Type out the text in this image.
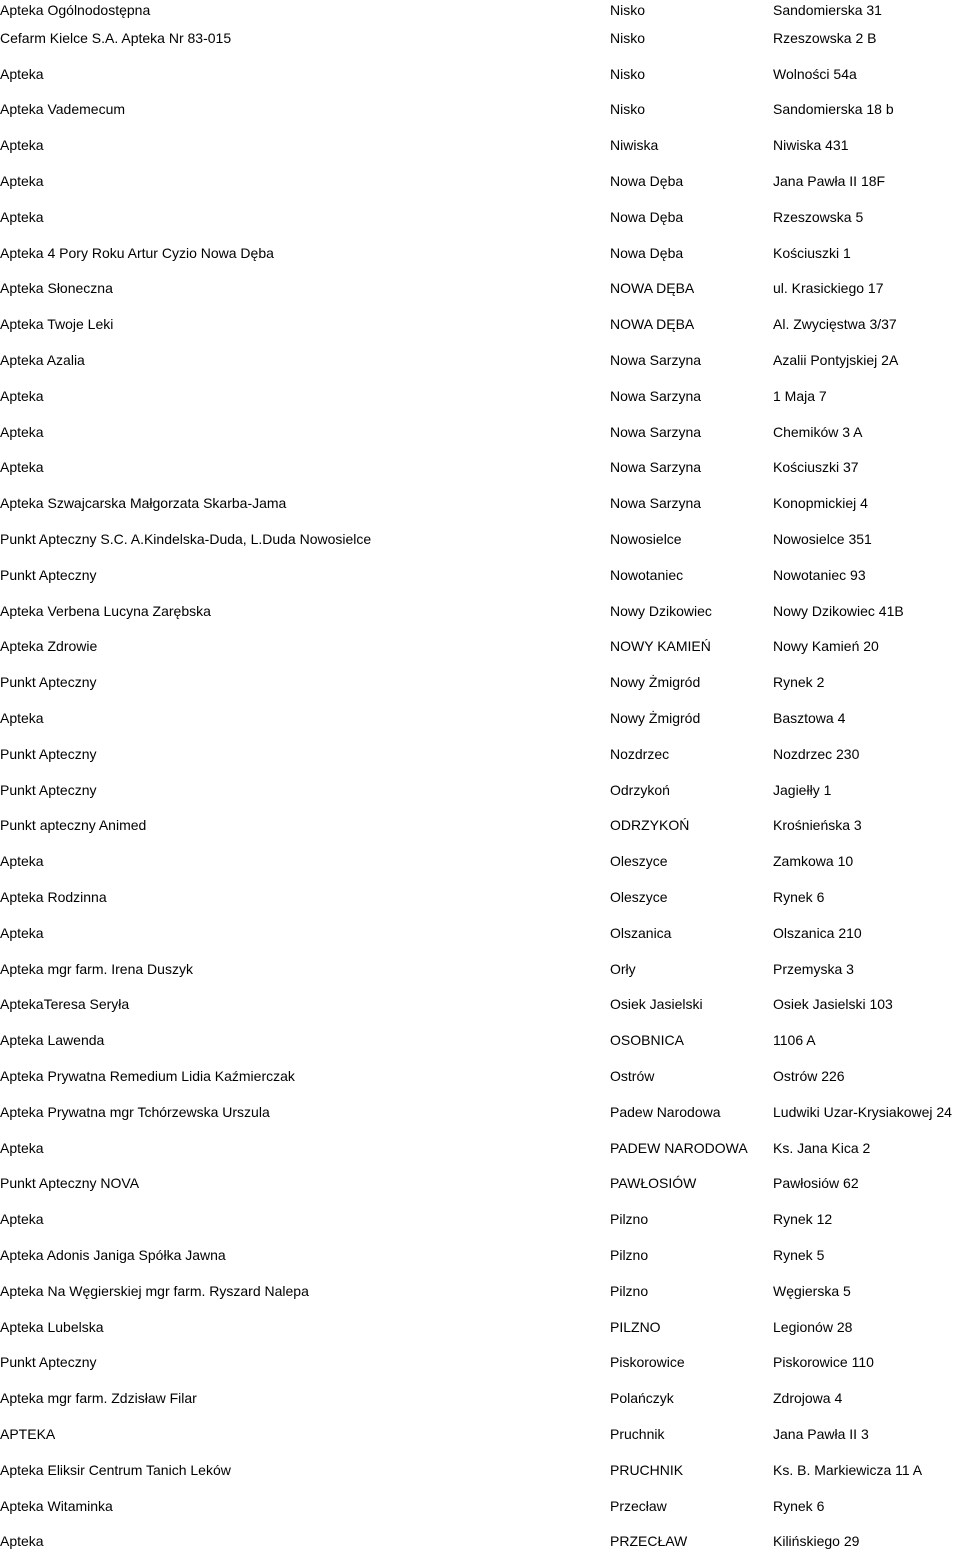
Apteka Ogólnodostępna	Nisko	Sandomierska 31
Cefarm Kielce S.A. Apteka Nr 83-015	Nisko	Rzeszowska 2 B
Apteka	Nisko	Wolności 54a
Apteka Vademecum	Nisko	Sandomierska 18 b
Apteka	Niwiska	Niwiska 431
Apteka	Nowa Dęba	Jana Pawła II 18F
Apteka	Nowa Dęba	Rzeszowska 5
Apteka 4 Pory Roku Artur Cyzio Nowa Dęba	Nowa Dęba	Kościuszki 1
Apteka Słoneczna	NOWA DĘBA	ul. Krasickiego 17
Apteka Twoje Leki	NOWA DĘBA	Al. Zwycięstwa 3/37
Apteka Azalia	Nowa Sarzyna	Azalii Pontyjskiej 2A
Apteka	Nowa Sarzyna	1 Maja 7
Apteka	Nowa Sarzyna	Chemików 3 A
Apteka	Nowa Sarzyna	Kościuszki 37
Apteka Szwajcarska Małgorzata Skarba-Jama	Nowa Sarzyna	Konopmickiej 4
Punkt Apteczny S.C. A.Kindelska-Duda, L.Duda Nowosielce	Nowosielce	Nowosielce 351
Punkt Apteczny	Nowotaniec	Nowotaniec 93
Apteka Verbena Lucyna Zarębska	Nowy Dzikowiec	Nowy Dzikowiec 41B
Apteka Zdrowie	NOWY KAMIEŃ	Nowy Kamień 20
Punkt Apteczny	Nowy Żmigród	Rynek 2
Apteka	Nowy Żmigród	Basztowa 4
Punkt Apteczny	Nozdrzec	Nozdrzec 230
Punkt Apteczny	Odrzykoń	Jagiełły 1
Punkt apteczny Animed	ODRZYKOŃ	Krośnieńska 3
Apteka	Oleszyce	Zamkowa 10
Apteka Rodzinna	Oleszyce	Rynek 6
Apteka	Olszanica	Olszanica 210
Apteka mgr farm. Irena Duszyk	Orły	Przemyska 3
AptekaTeresa Seryła	Osiek Jasielski	Osiek Jasielski 103
Apteka Lawenda	OSOBNICA	1106 A
Apteka Prywatna Remedium Lidia Kaźmierczak	Ostrów	Ostrów 226
Apteka Prywatna mgr Tchórzewska Urszula	Padew Narodowa	Ludwiki Uzar-Krysiakowej 24
Apteka	PADEW NARODOWA	Ks. Jana Kica 2
Punkt Apteczny NOVA	PAWŁOSIÓW	Pawłosiów 62
Apteka	Pilzno	Rynek 12
Apteka Adonis Janiga Spółka Jawna	Pilzno	Rynek 5
Apteka Na Węgierskiej mgr farm. Ryszard Nalepa	Pilzno	Węgierska 5
Apteka Lubelska	PILZNO	Legionów 28
Punkt Apteczny	Piskorowice	Piskorowice 110
Apteka mgr farm. Zdzisław Filar	Polańczyk	Zdrojowa 4
APTEKA	Pruchnik	Jana Pawła II 3
Apteka Eliksir Centrum Tanich Leków	PRUCHNIK	Ks. B. Markiewicza 11 A
Apteka Witaminka	Przecław	Rynek 6
Apteka	PRZECŁAW	Kilińskiego 29
